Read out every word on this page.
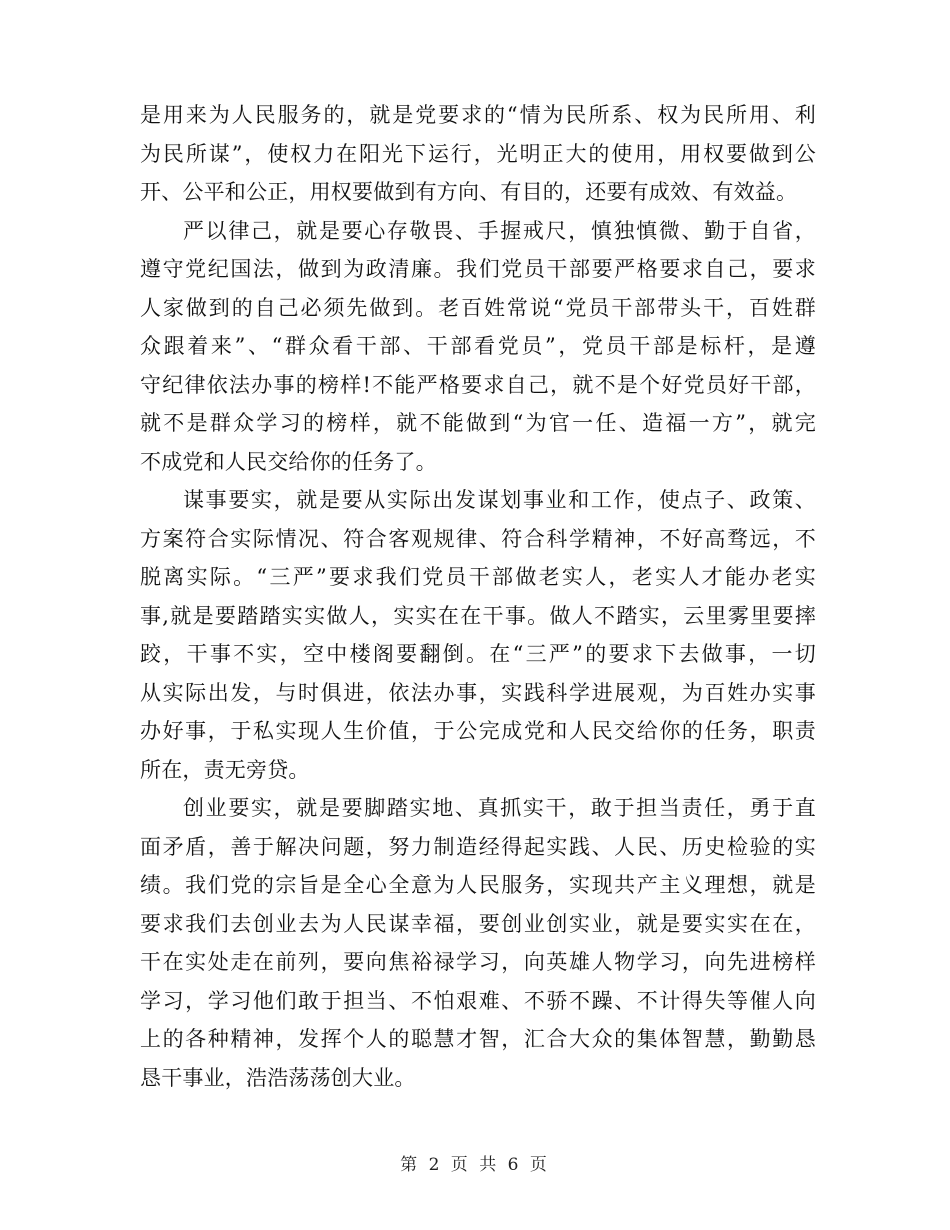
是用来为人民服务的，就是党要求的“情为民所系、权为民所用、利
为民所谋”，使权力在阳光下运行，光明正大的使用，用权要做到公
开、公平和公正，用权要做到有方向、有目的，还要有成效、有效益。

严以律己，就是要心存敬畏、手握戒尺，慎独慎微、勤于自省，
遵守党纪国法，做到为政清廉。我们党员干部要严格要求自己，要求
人家做到的自己必须先做到。老百姓常说“党员干部带头干，百姓群
众跟着来”、“群众看干部、干部看党员”，党员干部是标杆，是遵
守纪律依法办事的榜样!不能严格要求自己，就不是个好党员好干部，
就不是群众学习的榜样，就不能做到“为官一任、造福一方”，就完
不成党和人民交给你的任务了。

谋事要实，就是要从实际出发谋划事业和工作，使点子、政策、
方案符合实际情况、符合客观规律、符合科学精神，不好高骛远，不
脱离实际。“三严”要求我们党员干部做老实人，老实人才能办老实
事,就是要踏踏实实做人，实实在在干事。做人不踏实，云里雾里要摔
跤，干事不实，空中楼阁要翻倒。在“三严”的要求下去做事，一切
从实际出发，与时俱进，依法办事，实践科学进展观，为百姓办实事
办好事，于私实现人生价值，于公完成党和人民交给你的任务，职责
所在，责无旁贷。

创业要实，就是要脚踏实地、真抓实干，敢于担当责任，勇于直
面矛盾，善于解决问题，努力制造经得起实践、人民、历史检验的实
绩。我们党的宗旨是全心全意为人民服务，实现共产主义理想，就是
要求我们去创业去为人民谋幸福，要创业创实业，就是要实实在在，
干在实处走在前列，要向焦裕禄学习，向英雄人物学习，向先进榜样
学习，学习他们敢于担当、不怕艰难、不骄不躁、不计得失等催人向
上的各种精神，发挥个人的聪慧才智，汇合大众的集体智慧，勤勤恳
恳干事业，浩浩荡荡创大业。

第 2 页 共 6 页
